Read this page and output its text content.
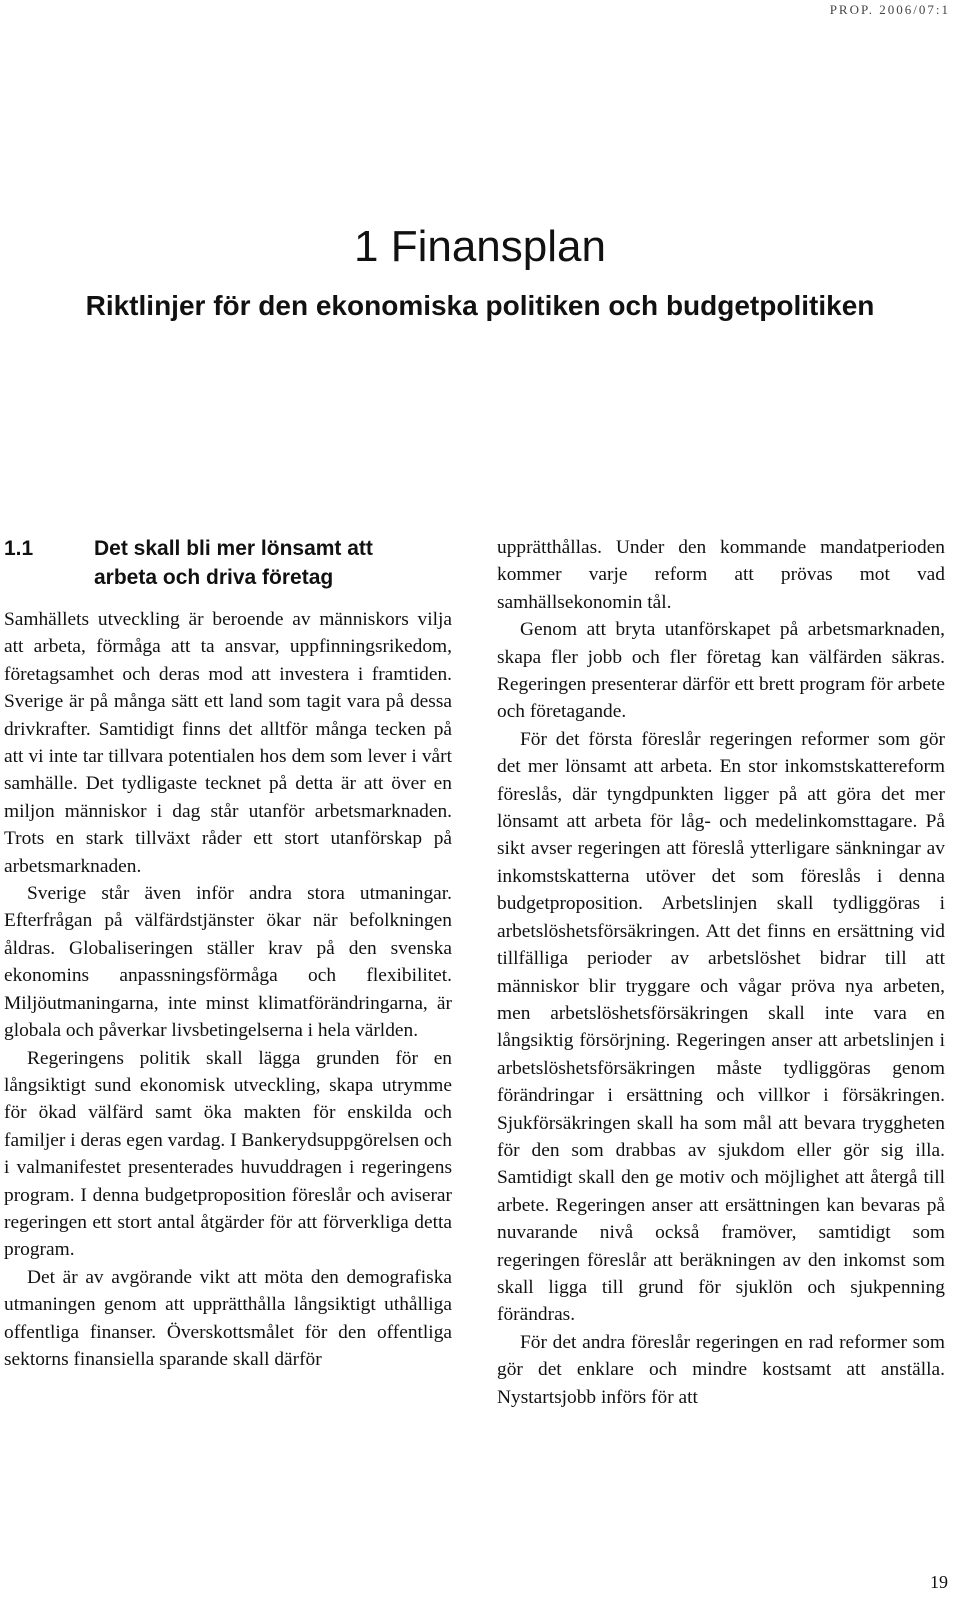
PROP. 2006/07:1
1 Finansplan
Riktlinjer för den ekonomiska politiken och budgetpolitiken
1.1	Det skall bli mer lönsamt att
arbeta och driva företag

Samhällets utveckling är beroende av människors vilja att arbeta, förmåga att ta ansvar, uppfinningsrikedom, företagsamhet och deras mod att investera i framtiden. Sverige är på många sätt ett land som tagit vara på dessa drivkrafter. Samtidigt finns det alltför många tecken på att vi inte tar tillvara potentialen hos dem som lever i vårt samhälle. Det tydligaste tecknet på detta är att över en miljon människor i dag står utanför arbetsmarknaden. Trots en stark tillväxt råder ett stort utanförskap på arbetsmarknaden.

Sverige står även inför andra stora utmaningar. Efterfrågan på välfärdstjänster ökar när befolkningen åldras. Globaliseringen ställer krav på den svenska ekonomins anpassningsförmåga och flexibilitet. Miljöutmaningarna, inte minst klimatförändringarna, är globala och påverkar livsbetingelserna i hela världen.

Regeringens politik skall lägga grunden för en långsiktigt sund ekonomisk utveckling, skapa utrymme för ökad välfärd samt öka makten för enskilda och familjer i deras egen vardag. I Bankerydsuppgörelsen och i valmanifestet presenterades huvuddragen i regeringens program. I denna budgetproposition föreslår och aviserar regeringen ett stort antal åtgärder för att förverkliga detta program.

Det är av avgörande vikt att möta den demografiska utmaningen genom att upprätthålla långsiktigt uthålliga offentliga finanser. Överskottsmålet för den offentliga sektorns finansiella sparande skall därför

upprätthållas. Under den kommande mandatperioden kommer varje reform att prövas mot vad samhällsekonomin tål.

Genom att bryta utanförskapet på arbetsmarknaden, skapa fler jobb och fler företag kan välfärden säkras. Regeringen presenterar därför ett brett program för arbete och företagande.

För det första föreslår regeringen reformer som gör det mer lönsamt att arbeta. En stor inkomstskattereform föreslås, där tyngdpunkten ligger på att göra det mer lönsamt att arbeta för låg- och medelinkomsttagare. På sikt avser regeringen att föreslå ytterligare sänkningar av inkomstskatterna utöver det som föreslås i denna budgetproposition. Arbetslinjen skall tydliggöras i arbetslöshetsförsäkringen. Att det finns en ersättning vid tillfälliga perioder av arbetslöshet bidrar till att människor blir tryggare och vågar pröva nya arbeten, men arbetslöshetsförsäkringen skall inte vara en långsiktig försörjning. Regeringen anser att arbetslinjen i arbetslöshetsförsäkringen måste tydliggöras genom förändringar i ersättning och villkor i försäkringen. Sjukförsäkringen skall ha som mål att bevara tryggheten för den som drabbas av sjukdom eller gör sig illa. Samtidigt skall den ge motiv och möjlighet att återgå till arbete. Regeringen anser att ersättningen kan bevaras på nuvarande nivå också framöver, samtidigt som regeringen föreslår att beräkningen av den inkomst som skall ligga till grund för sjuklön och sjukpenning förändras.

För det andra föreslår regeringen en rad reformer som gör det enklare och mindre kostsamt att anställa. Nystartsjobb införs för att

19
